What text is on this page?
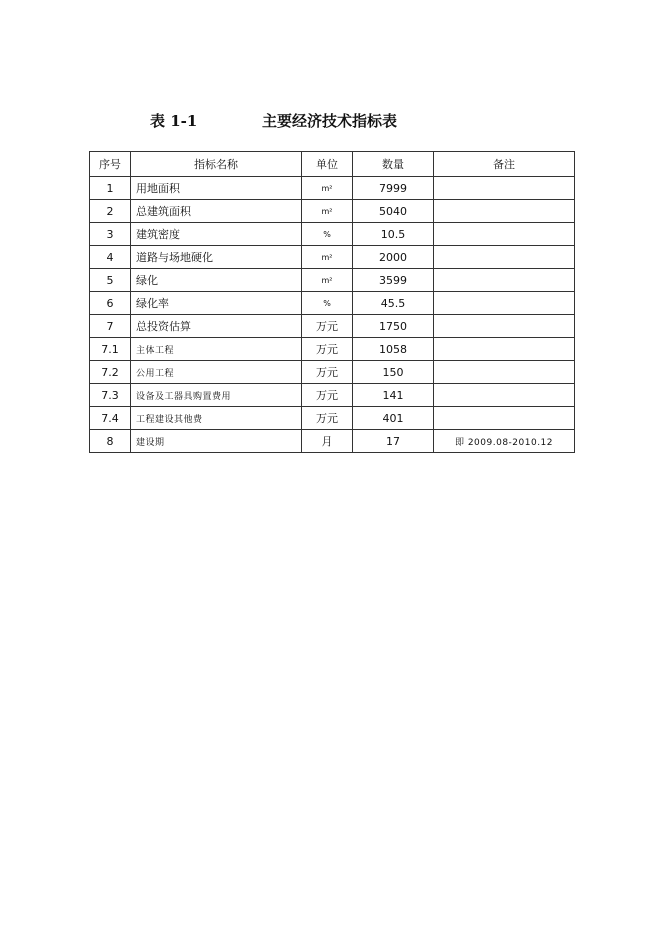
表 1-1	主要经济技术指标表
序号	指标名称	单位	数量	备注
1	用地面积	m²	7999	
2	总建筑面积	m²	5040	
3	建筑密度	%	10.5	
4	道路与场地硬化	m²	2000	
5	绿化	m²	3599	
6	绿化率	%	45.5	
7	总投资估算	万元	1750	
7.1	主体工程	万元	1058	
7.2	公用工程	万元	150	
7.3	设备及工器具购置费用	万元	141	
7.4	工程建设其他费	万元	401	
8	建设期	月	17	即 2009.08-2010.12
